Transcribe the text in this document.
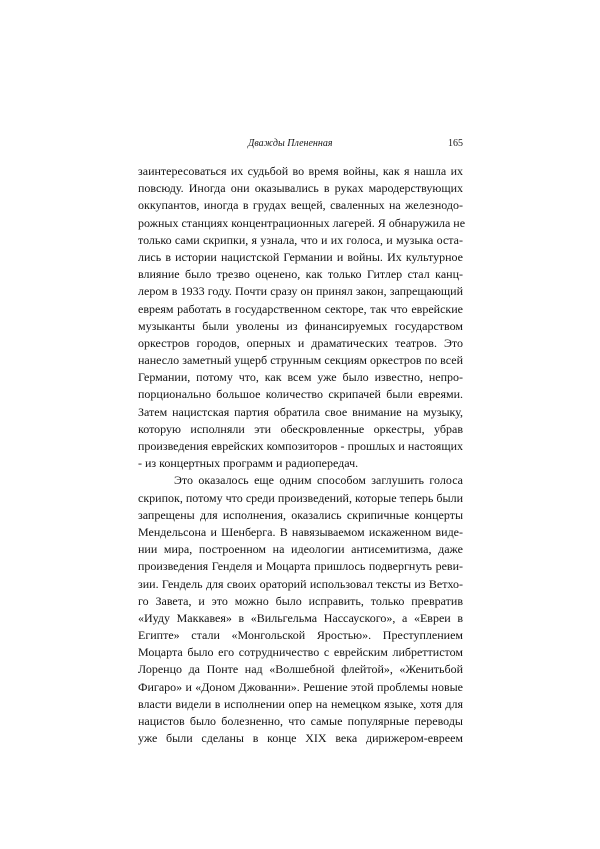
Дважды Плененная	165
заинтересоваться их судьбой во время войны, как я нашла их
повсюду. Иногда они оказывались в руках мародерствующих
оккупантов, иногда в грудах вещей, сваленных на железнодо-
рожных станциях концентрационных лагерей. Я обнаружила не
только сами скрипки, я узнала, что и их голоса, и музыка оста-
лись в истории нацистской Германии и войны. Их культурное
влияние было трезво оценено, как только Гитлер стал канц-
лером в 1933 году. Почти сразу он принял закон, запрещающий
евреям работать в государственном секторе, так что еврейские
музыканты были уволены из финансируемых государством
оркестров городов, оперных и драматических театров. Это
нанесло заметный ущерб струнным секциям оркестров по всей
Германии, потому что, как всем уже было известно, непро-
порционально большое количество скрипачей были евреями.
Затем нацистская партия обратила свое внимание на музыку,
которую исполняли эти обескровленные оркестры, убрав
произведения еврейских композиторов - прошлых и настоящих
- из концертных программ и радиопередач.
Это оказалось еще одним способом заглушить голоса
скрипок, потому что среди произведений, которые теперь были
запрещены для исполнения, оказались скрипичные концерты
Мендельсона и Шенберга. В навязываемом искаженном виде-
нии мира, построенном на идеологии антисемитизма, даже
произведения Генделя и Моцарта пришлось подвергнуть реви-
зии. Гендель для своих ораторий использовал тексты из Ветхо-
го Завета, и это можно было исправить, только превратив
«Иуду Маккавея» в «Вильгельма Нассауского», а «Евреи в
Египте» стали «Монгольской Яростью». Преступлением
Моцарта было его сотрудничество с еврейским либреттистом
Лоренцо да Понте над «Волшебной флейтой», «Женитьбой
Фигаро» и «Доном Джованни». Решение этой проблемы новые
власти видели в исполнении опер на немецком языке, хотя для
нацистов было болезненно, что самые популярные переводы
уже были сделаны в конце XIX века дирижером-евреем
